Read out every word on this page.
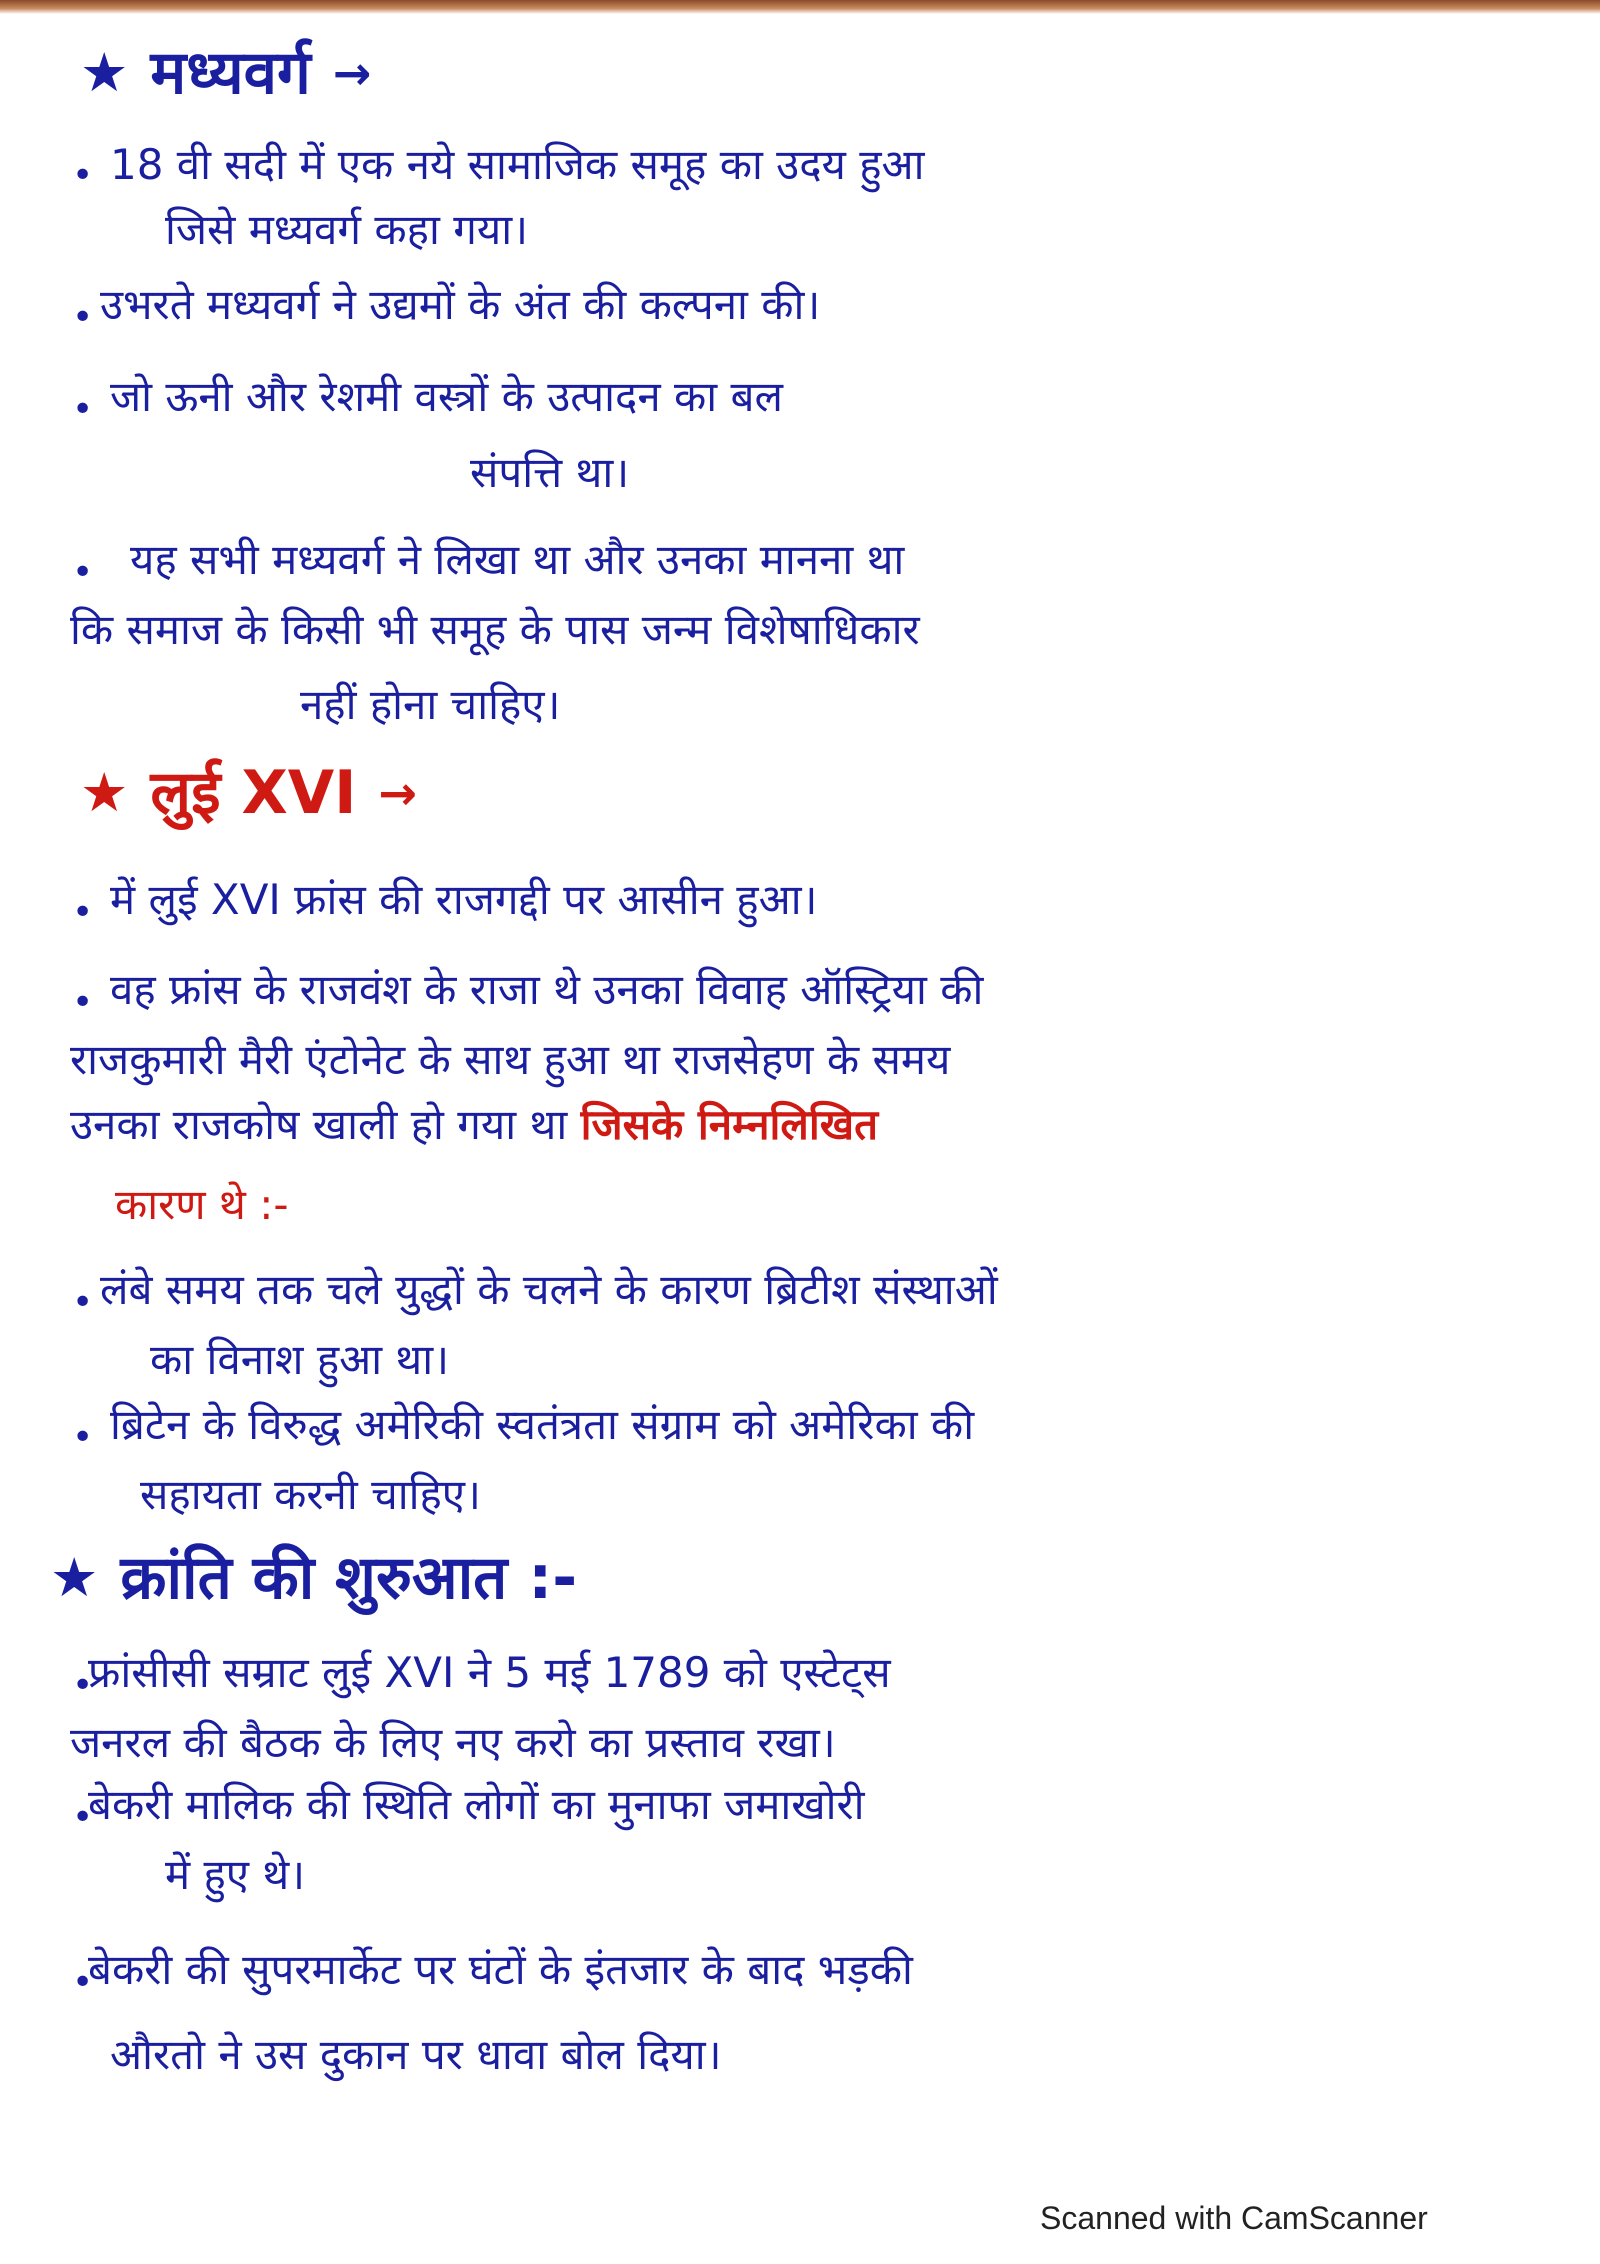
★ मध्यवर्ग →
• 18 वी सदी में एक नये सामाजिक समूह का उदय हुआ
जिसे मध्यवर्ग कहा गया।
• उभरते मध्यवर्ग ने उद्यमों के अंत की कल्पना की।
• जो ऊनी और रेशमी वस्त्रों के उत्पादन का बल
संपत्ति था।
• यह सभी मध्यवर्ग ने लिखा था और उनका मानना था
कि समाज के किसी भी समूह के पास जन्म विशेषाधिकार
नहीं होना चाहिए।
★ लुई XVI →
• में लुई XVI फ्रांस की राजगद्दी पर आसीन हुआ।
• वह फ्रांस के राजवंश के राजा थे उनका विवाह ऑस्ट्रिया की
राजकुमारी मैरी एंटोनेट के साथ हुआ था राजसेहण के समय
उनका राजकोष खाली हो गया था जिसके निम्नलिखित
कारण थे :-
• लंबे समय तक चले युद्धों के चलने के कारण ब्रिटीश संस्थाओं
का विनाश हुआ था।
• ब्रिटेन के विरुद्ध अमेरिकी स्वतंत्रता संग्राम को अमेरिका की
सहायता करनी चाहिए।
★ क्रांति की शुरुआत :-
•
फ्रांसीसी सम्राट लुई XVI ने 5 मई 1789 को एस्टेट्स
जनरल की बैठक के लिए नए करो का प्रस्ताव रखा।
•
बेकरी मालिक की स्थिति लोगों का मुनाफा जमाखोरी
में हुए थे।
•
बेकरी की सुपरमार्केट पर घंटों के इंतजार के बाद भड़की
औरतो ने उस दुकान पर धावा बोल दिया।
Scanned with CamScanner
